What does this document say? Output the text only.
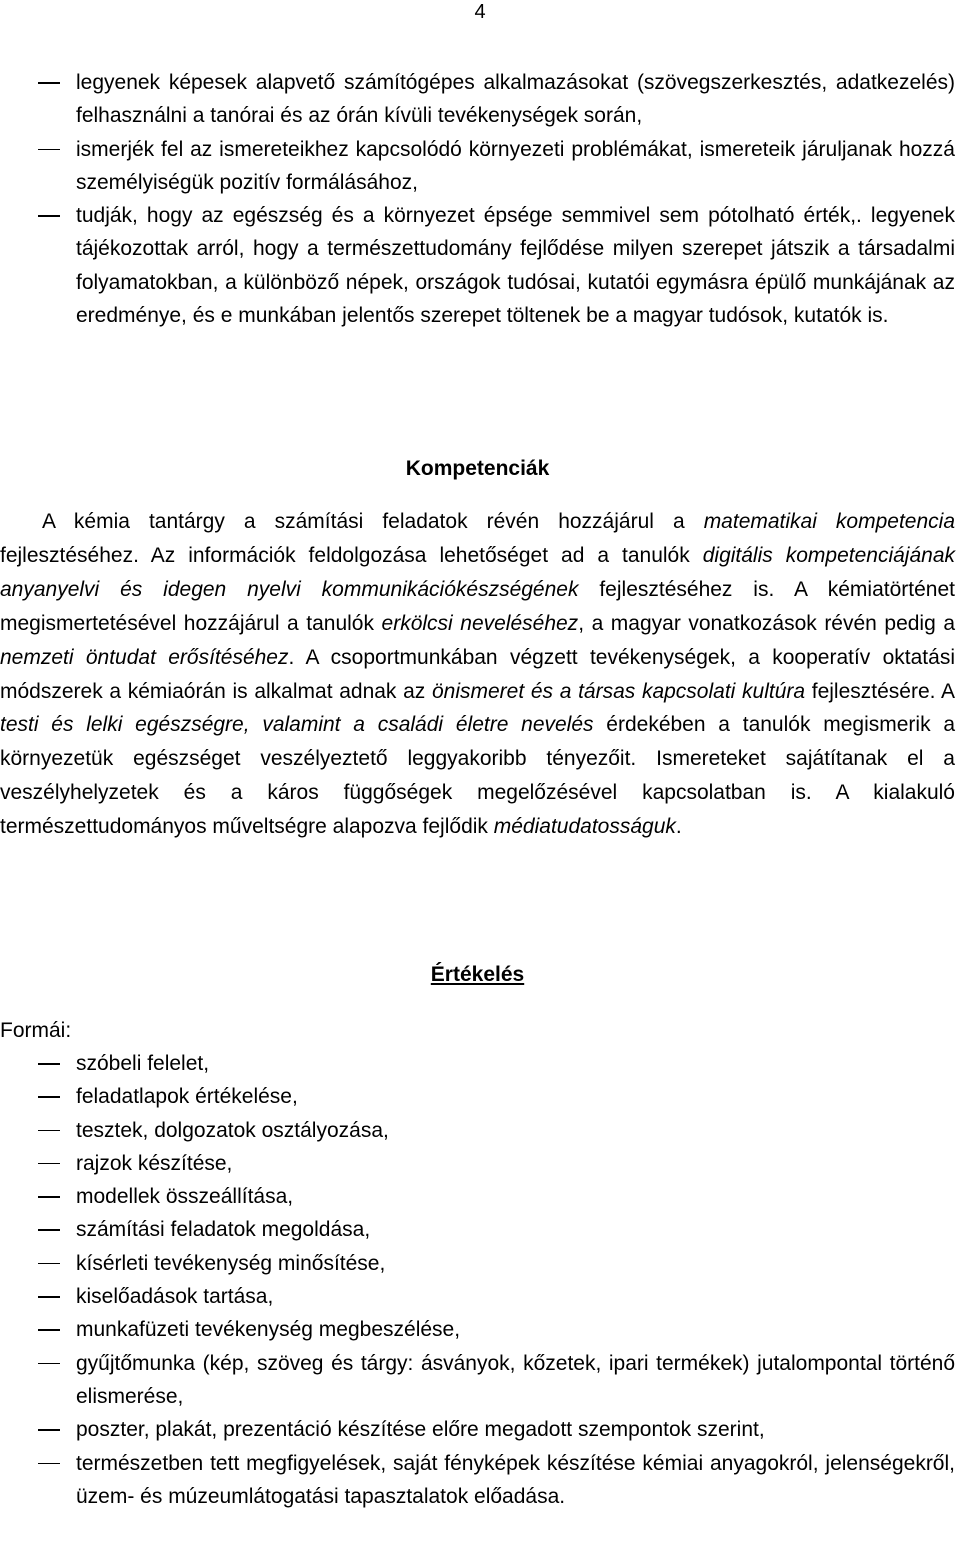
4
legyenek képesek alapvető számítógépes alkalmazásokat (szövegszerkesztés, adatkezelés) felhasználni a tanórai és az órán kívüli tevékenységek során,
ismerjék fel az ismereteikhez kapcsolódó környezeti problémákat, ismereteik járuljanak hozzá személyiségük pozitív formálásához,
tudják, hogy az egészség és a környezet épsége semmivel sem pótolható érték,. legyenek tájékozottak arról, hogy a természettudomány fejlődése milyen szerepet játszik a társadalmi folyamatokban, a különböző népek, országok tudósai, kutatói egymásra épülő munkájának az eredménye, és e munkában jelentős szerepet töltenek be a magyar tudósok, kutatók is.
Kompetenciák

A kémia tantárgy a számítási feladatok révén hozzájárul a matematikai kompetencia fejlesztéséhez. Az információk feldolgozása lehetőséget ad a tanulók digitális kompetenciájának anyanyelvi és idegen nyelvi kommunikációkészségének fejlesztéséhez is. A kémiatörténet megismertetésével hozzájárul a tanulók erkölcsi neveléséhez, a magyar vonatkozások révén pedig a nemzeti öntudat erősítéséhez. A csoportmunkában végzett tevékenységek, a kooperatív oktatási módszerek a kémiaórán is alkalmat adnak az önismeret és a társas kapcsolati kultúra fejlesztésére. A testi és lelki egészségre, valamint a családi életre nevelés érdekében a tanulók megismerik a környezetük egészséget veszélyeztető leggyakoribb tényezőit. Ismereteket sajátítanak el a veszélyhelyzetek és a káros függőségek megelőzésével kapcsolatban is. A kialakuló természettudományos műveltségre alapozva fejlődik médiatudatosságuk.

Értékelés
Formái:
szóbeli felelet,
feladatlapok értékelése,
tesztek, dolgozatok osztályozása,
rajzok készítése,
modellek összeállítása,
számítási feladatok megoldása,
kísérleti tevékenység minősítése,
kiselőadások tartása,
munkafüzeti tevékenység megbeszélése,
gyűjtőmunka (kép, szöveg és tárgy: ásványok, kőzetek, ipari termékek) jutalompontal történő elismerése,
poszter, plakát, prezentáció készítése előre megadott szempontok szerint,
természetben tett megfigyelések, saját fényképek készítése kémiai anyagokról, jelenségekről, üzem- és múzeumlátogatási tapasztalatok előadása.
